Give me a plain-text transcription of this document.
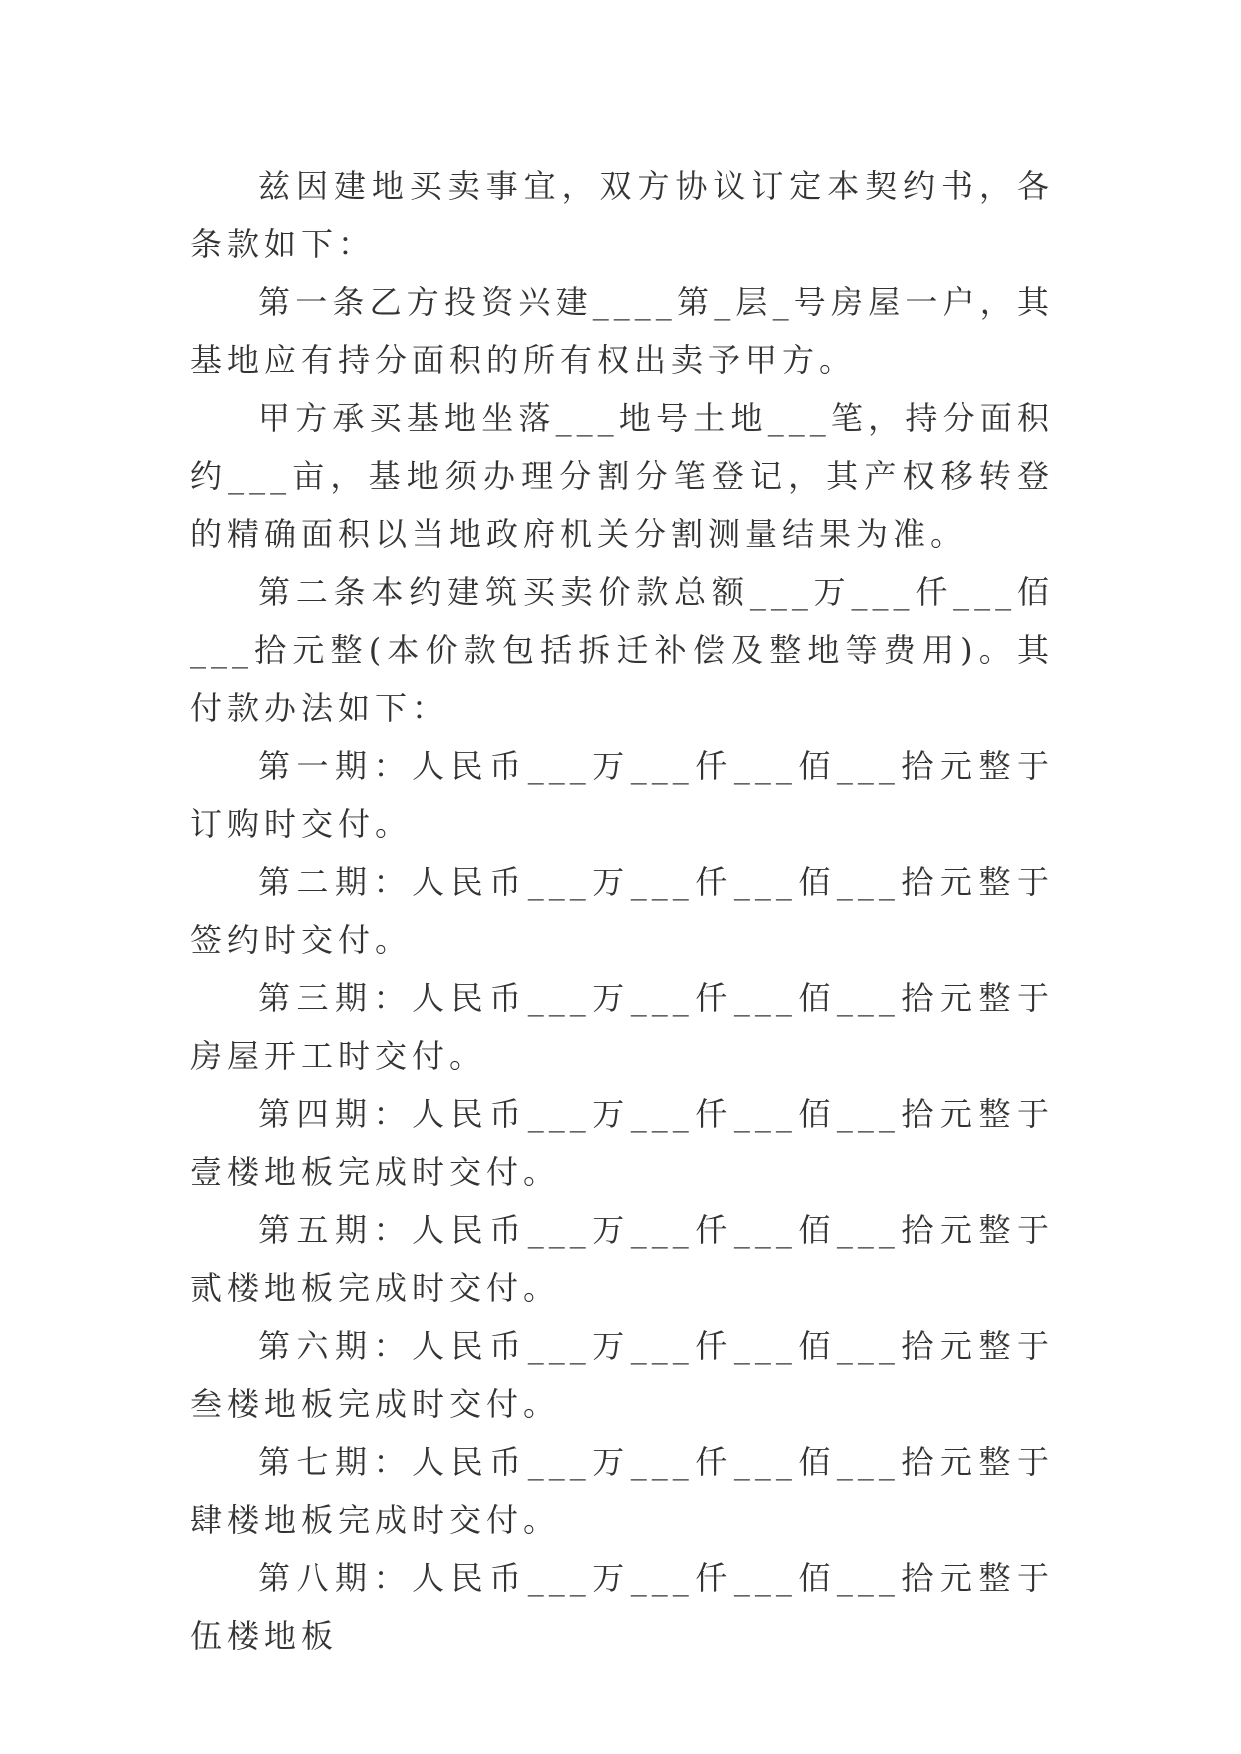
兹因建地买卖事宜，双方协议订定本契约书，各条款如下：

第一条乙方投资兴建____第_层_号房屋一户，其基地应有持分面积的所有权出卖予甲方。

甲方承买基地坐落___地号土地___笔，持分面积约___亩，基地须办理分割分笔登记，其产权移转登的精确面积以当地政府机关分割测量结果为准。

第二条本约建筑买卖价款总额___万___仟___佰___拾元整(本价款包括拆迁补偿及整地等费用)。其付款办法如下：

第一期：人民币___万___仟___佰___拾元整于订购时交付。

第二期：人民币___万___仟___佰___拾元整于签约时交付。

第三期：人民币___万___仟___佰___拾元整于房屋开工时交付。

第四期：人民币___万___仟___佰___拾元整于壹楼地板完成时交付。

第五期：人民币___万___仟___佰___拾元整于贰楼地板完成时交付。

第六期：人民币___万___仟___佰___拾元整于叁楼地板完成时交付。

第七期：人民币___万___仟___佰___拾元整于肆楼地板完成时交付。

第八期：人民币___万___仟___佰___拾元整于伍楼地板
